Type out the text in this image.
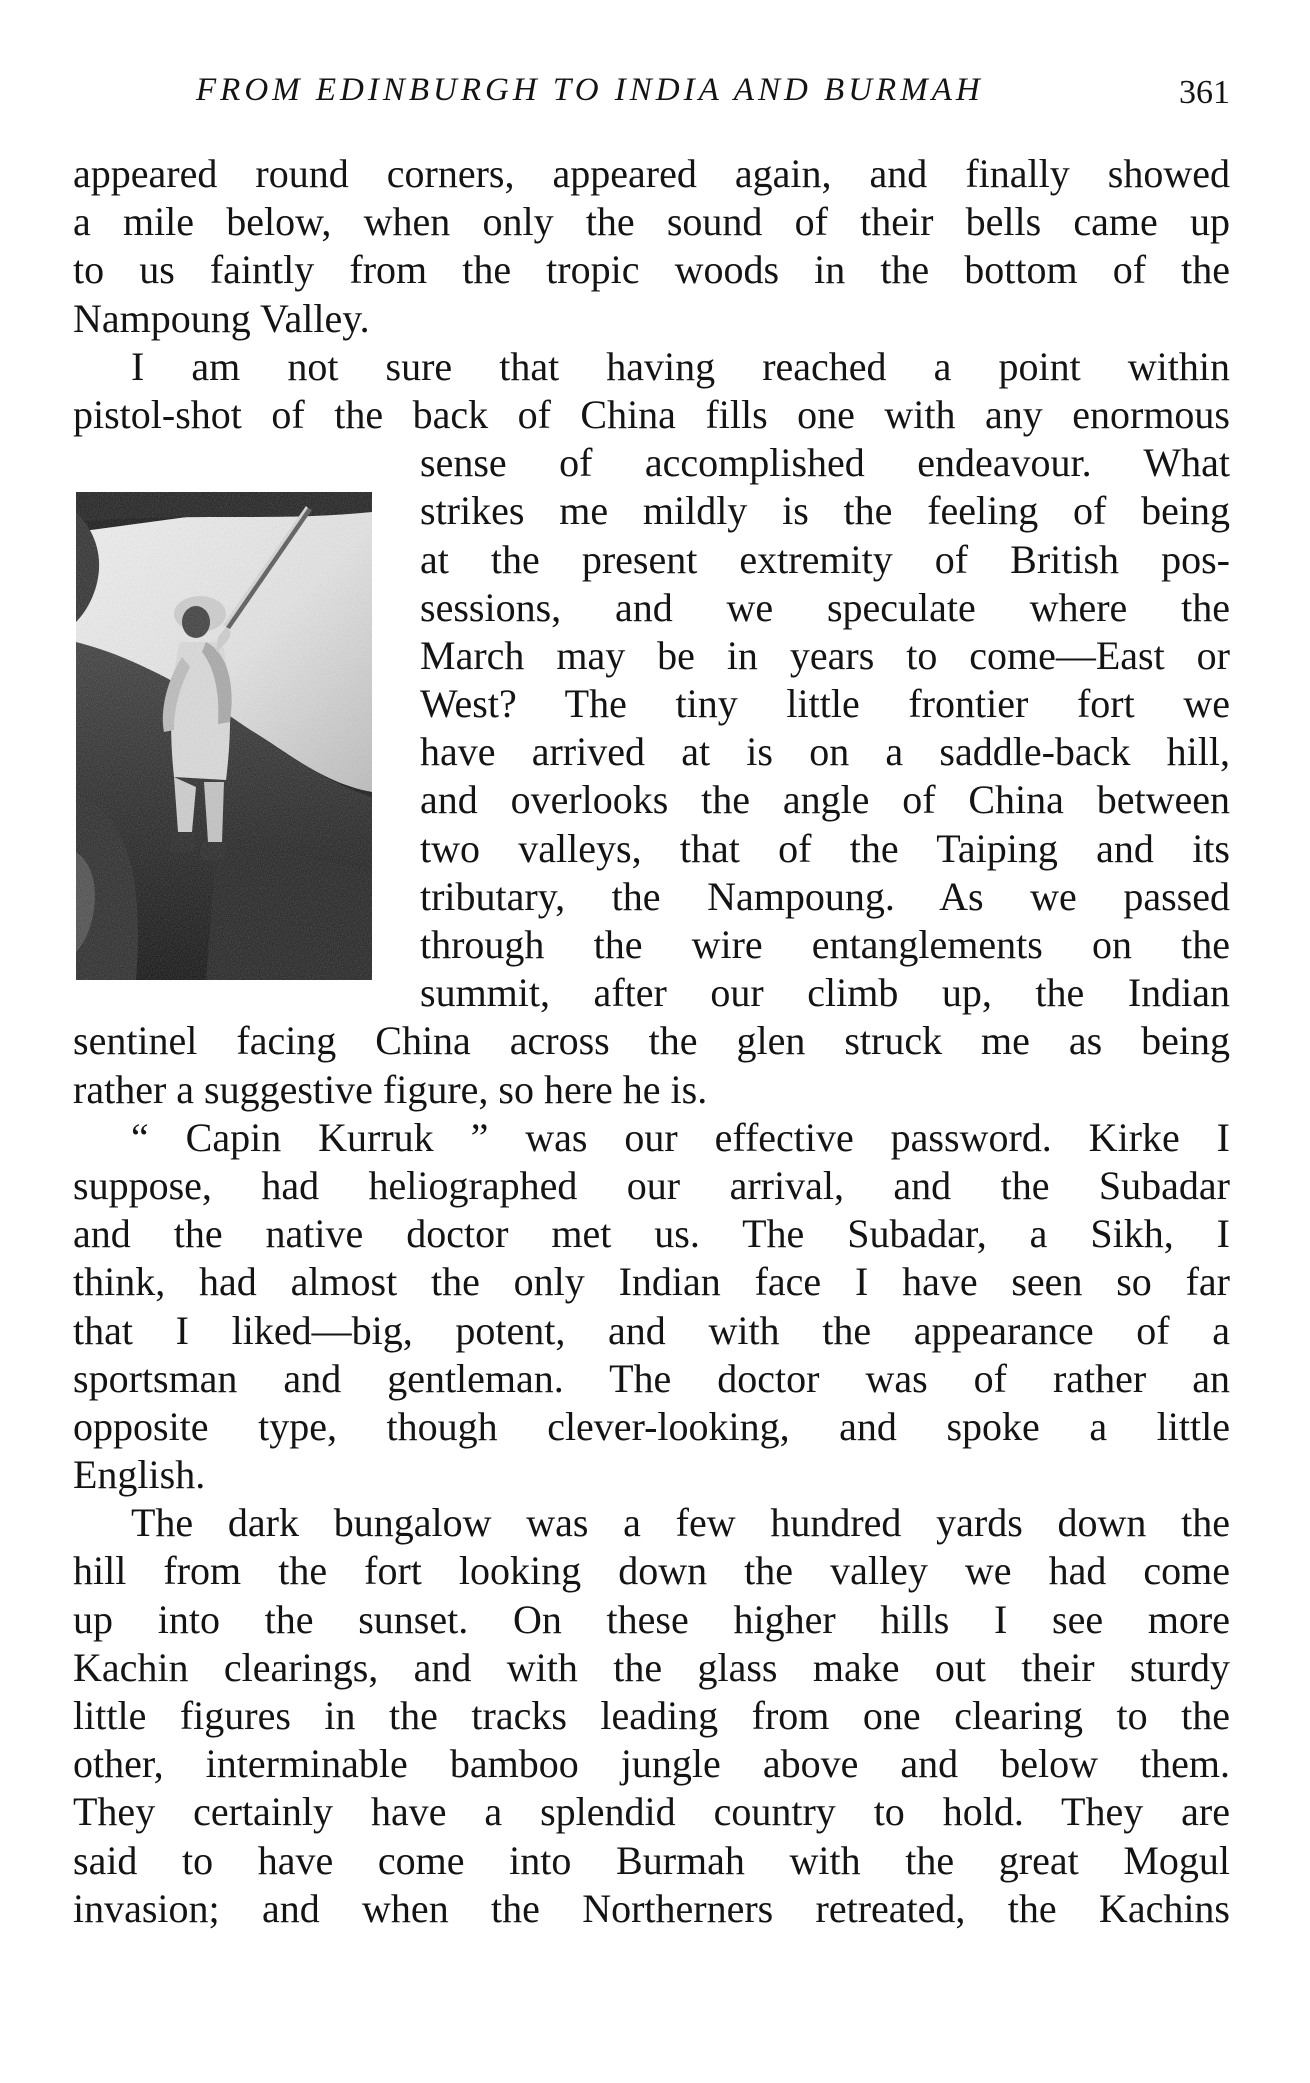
FROM EDINBURGH TO INDIA AND BURMAH	361
appeared round corners, appeared again, and finally showed
a mile below, when only the sound of their bells came up
to us faintly from the tropic woods in the bottom of the
Nampoung Valley.
I am not sure that having reached a point within
pistol-shot of the back of China fills one with any enormous
sense of accomplished endeavour. What
strikes me mildly is the feeling of being
at the present extremity of British pos-
sessions, and we speculate where the
March may be in years to come—East or
West? The tiny little frontier fort we
have arrived at is on a saddle-back hill,
and overlooks the angle of China between
two valleys, that of the Taiping and its
tributary, the Nampoung. As we passed
through the wire entanglements on the
summit, after our climb up, the Indian
sentinel facing China across the glen struck me as being
rather a suggestive figure, so here he is.
“ Capin Kurruk ” was our effective password. Kirke I
suppose, had heliographed our arrival, and the Subadar
and the native doctor met us. The Subadar, a Sikh, I
think, had almost the only Indian face I have seen so far
that I liked—big, potent, and with the appearance of a
sportsman and gentleman. The doctor was of rather an
opposite type, though clever-looking, and spoke a little
English.
The dark bungalow was a few hundred yards down the
hill from the fort looking down the valley we had come
up into the sunset. On these higher hills I see more
Kachin clearings, and with the glass make out their sturdy
little figures in the tracks leading from one clearing to the
other, interminable bamboo jungle above and below them.
They certainly have a splendid country to hold. They are
said to have come into Burmah with the great Mogul
invasion; and when the Northerners retreated, the Kachins
